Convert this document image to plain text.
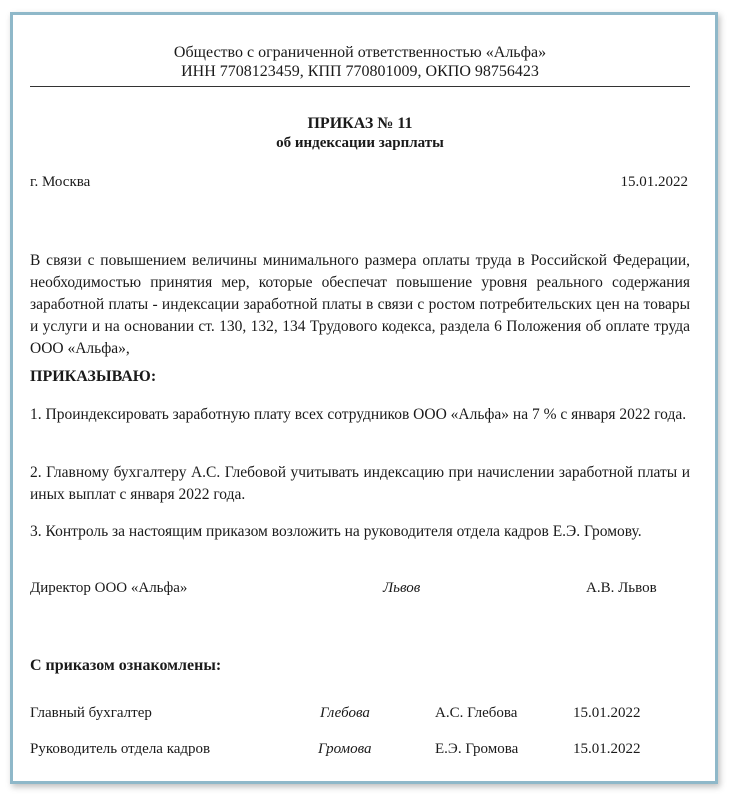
Общество с ограниченной ответственностью «Альфа»
ИНН 7708123459, КПП 770801009, ОКПО 98756423
ПРИКАЗ № 11
об индексации зарплаты
г. Москва	15.01.2022
В связи с повышением величины минимального размера оплаты труда в Российской Федерации, необходимостью принятия мер, которые обеспечат повышение уровня реального содержания заработной платы - индексации заработной платы в связи с ростом потребительских цен на товары и услуги и на основании ст. 130, 132, 134 Трудового кодекса, раздела 6 Положения об оплате труда ООО «Альфа»,
ПРИКАЗЫВАЮ:
1. Проиндексировать заработную плату всех сотрудников ООО «Альфа» на 7 % с января 2022 года.
2. Главному бухгалтеру А.С. Глебовой учитывать индексацию при начислении заработной платы и иных выплат с января 2022 года.
3. Контроль за настоящим приказом возложить на руководителя отдела кадров Е.Э. Громову.
Директор ООО «Альфа»	Львов	А.В. Львов
С приказом ознакомлены:
Главный бухгалтер	Глебова	А.С. Глебова	15.01.2022
Руководитель отдела кадров	Громова	Е.Э. Громова	15.01.2022
